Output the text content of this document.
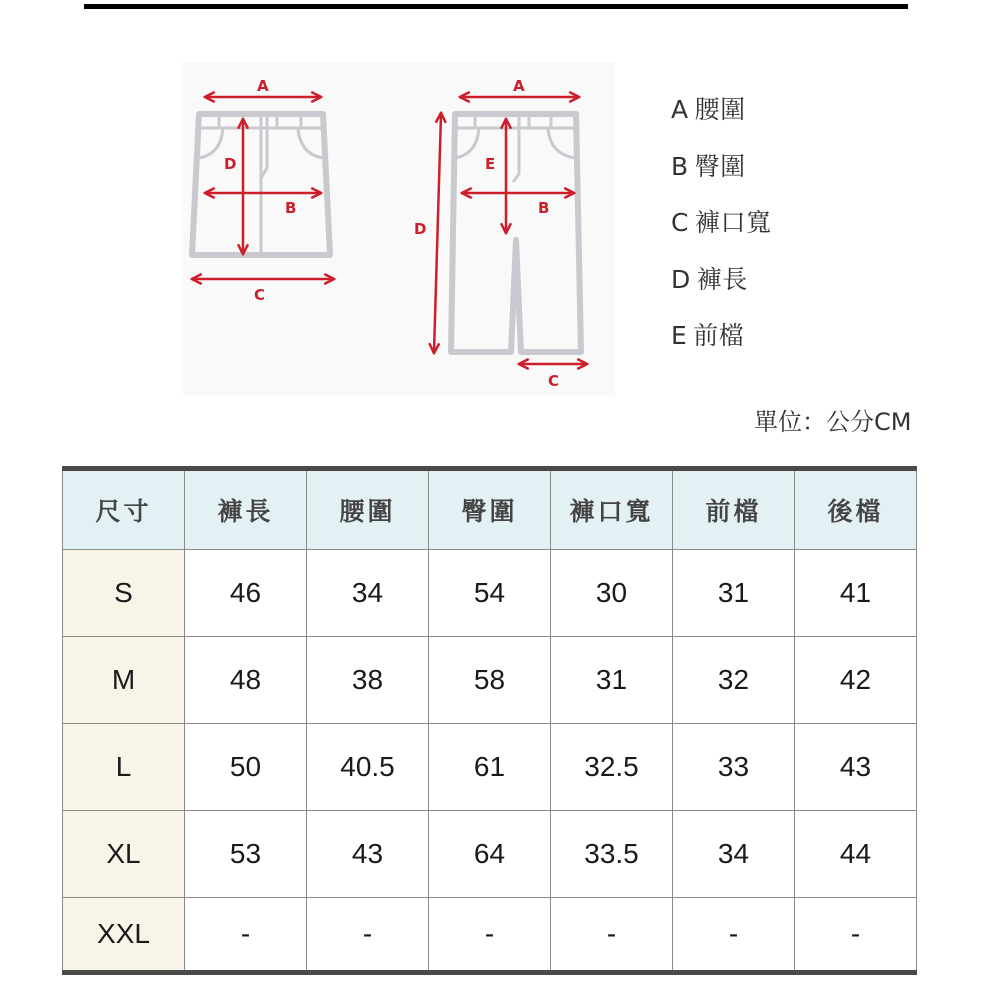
A
D
B
C
A
E
B
D
C
A 腰圍
B 臀圍
C 褲口寬
D 褲長
E 前檔
單位：公分CM
尺寸	褲長	腰圍	臀圍	褲口寬	前檔	後檔
S	46	34	54	30	31	41
M	48	38	58	31	32	42
L	50	40.5	61	32.5	33	43
XL	53	43	64	33.5	34	44
XXL	-	-	-	-	-	-
